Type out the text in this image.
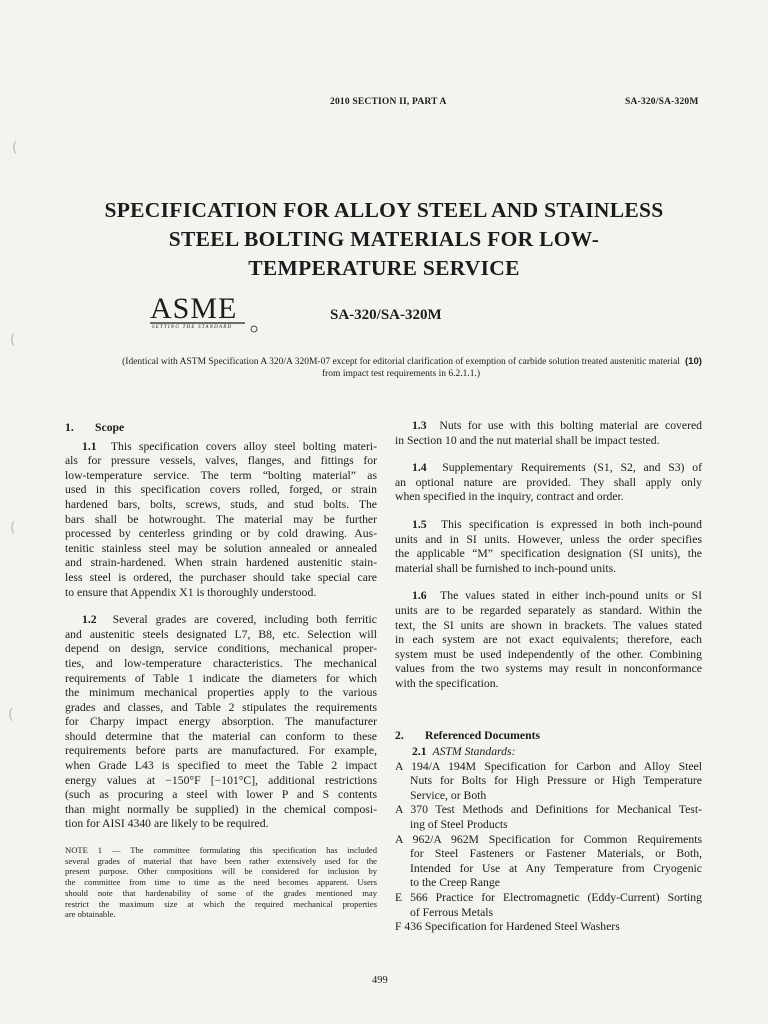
(
(
(
(
2010 SECTION II, PART A	SA-320/SA-320M
SPECIFICATION FOR ALLOY STEEL AND STAINLESS
STEEL BOLTING MATERIALS FOR LOW-
TEMPERATURE SERVICE
ASME
SETTING THE STANDARD
SA-320/SA-320M
(Identical with ASTM Specification A 320/A 320M-07 except for editorial clarification of exemption of carbide solution treated austenitic material
from impact test requirements in 6.2.1.1.)
(10)
1. Scope
1.1 This specification covers alloy steel bolting materi-
als for pressure vessels, valves, flanges, and fittings for
low-temperature service. The term “bolting material” as
used in this specification covers rolled, forged, or strain
hardened bars, bolts, screws, studs, and stud bolts. The
bars shall be hotwrought. The material may be further
processed by centerless grinding or by cold drawing. Aus-
tenitic stainless steel may be solution annealed or annealed
and strain-hardened. When strain hardened austenitic stain-
less steel is ordered, the purchaser should take special care
to ensure that Appendix X1 is thoroughly understood.
1.2 Several grades are covered, including both ferritic
and austenitic steels designated L7, B8, etc. Selection will
depend on design, service conditions, mechanical proper-
ties, and low-temperature characteristics. The mechanical
requirements of Table 1 indicate the diameters for which
the minimum mechanical properties apply to the various
grades and classes, and Table 2 stipulates the requirements
for Charpy impact energy absorption. The manufacturer
should determine that the material can conform to these
requirements before parts are manufactured. For example,
when Grade L43 is specified to meet the Table 2 impact
energy values at −150°F [−101°C], additional restrictions
(such as procuring a steel with lower P and S contents
than might normally be supplied) in the chemical composi-
tion for AISI 4340 are likely to be required.
NOTE 1 — The committee formulating this specification has included
several grades of material that have been rather extensively used for the
present purpose. Other compositions will be considered for inclusion by
the committee from time to time as the need becomes apparent. Users
should note that hardenability of some of the grades mentioned may
restrict the maximum size at which the required mechanical properties
are obtainable.
1.3 Nuts for use with this bolting material are covered
in Section 10 and the nut material shall be impact tested.
1.4 Supplementary Requirements (S1, S2, and S3) of
an optional nature are provided. They shall apply only
when specified in the inquiry, contract and order.
1.5 This specification is expressed in both inch-pound
units and in SI units. However, unless the order specifies
the applicable “M” specification designation (SI units), the
material shall be furnished to inch-pound units.
1.6 The values stated in either inch-pound units or SI
units are to be regarded separately as standard. Within the
text, the SI units are shown in brackets. The values stated
in each system are not exact equivalents; therefore, each
system must be used independently of the other. Combining
values from the two systems may result in nonconformance
with the specification.
2. Referenced Documents
2.1 ASTM Standards:
A 194/A 194M Specification for Carbon and Alloy Steel
Nuts for Bolts for High Pressure or High Temperature
Service, or Both
A 370 Test Methods and Definitions for Mechanical Test-
ing of Steel Products
A 962/A 962M Specification for Common Requirements
for Steel Fasteners or Fastener Materials, or Both,
Intended for Use at Any Temperature from Cryogenic
to the Creep Range
E 566 Practice for Electromagnetic (Eddy-Current) Sorting
of Ferrous Metals
F 436 Specification for Hardened Steel Washers
499
